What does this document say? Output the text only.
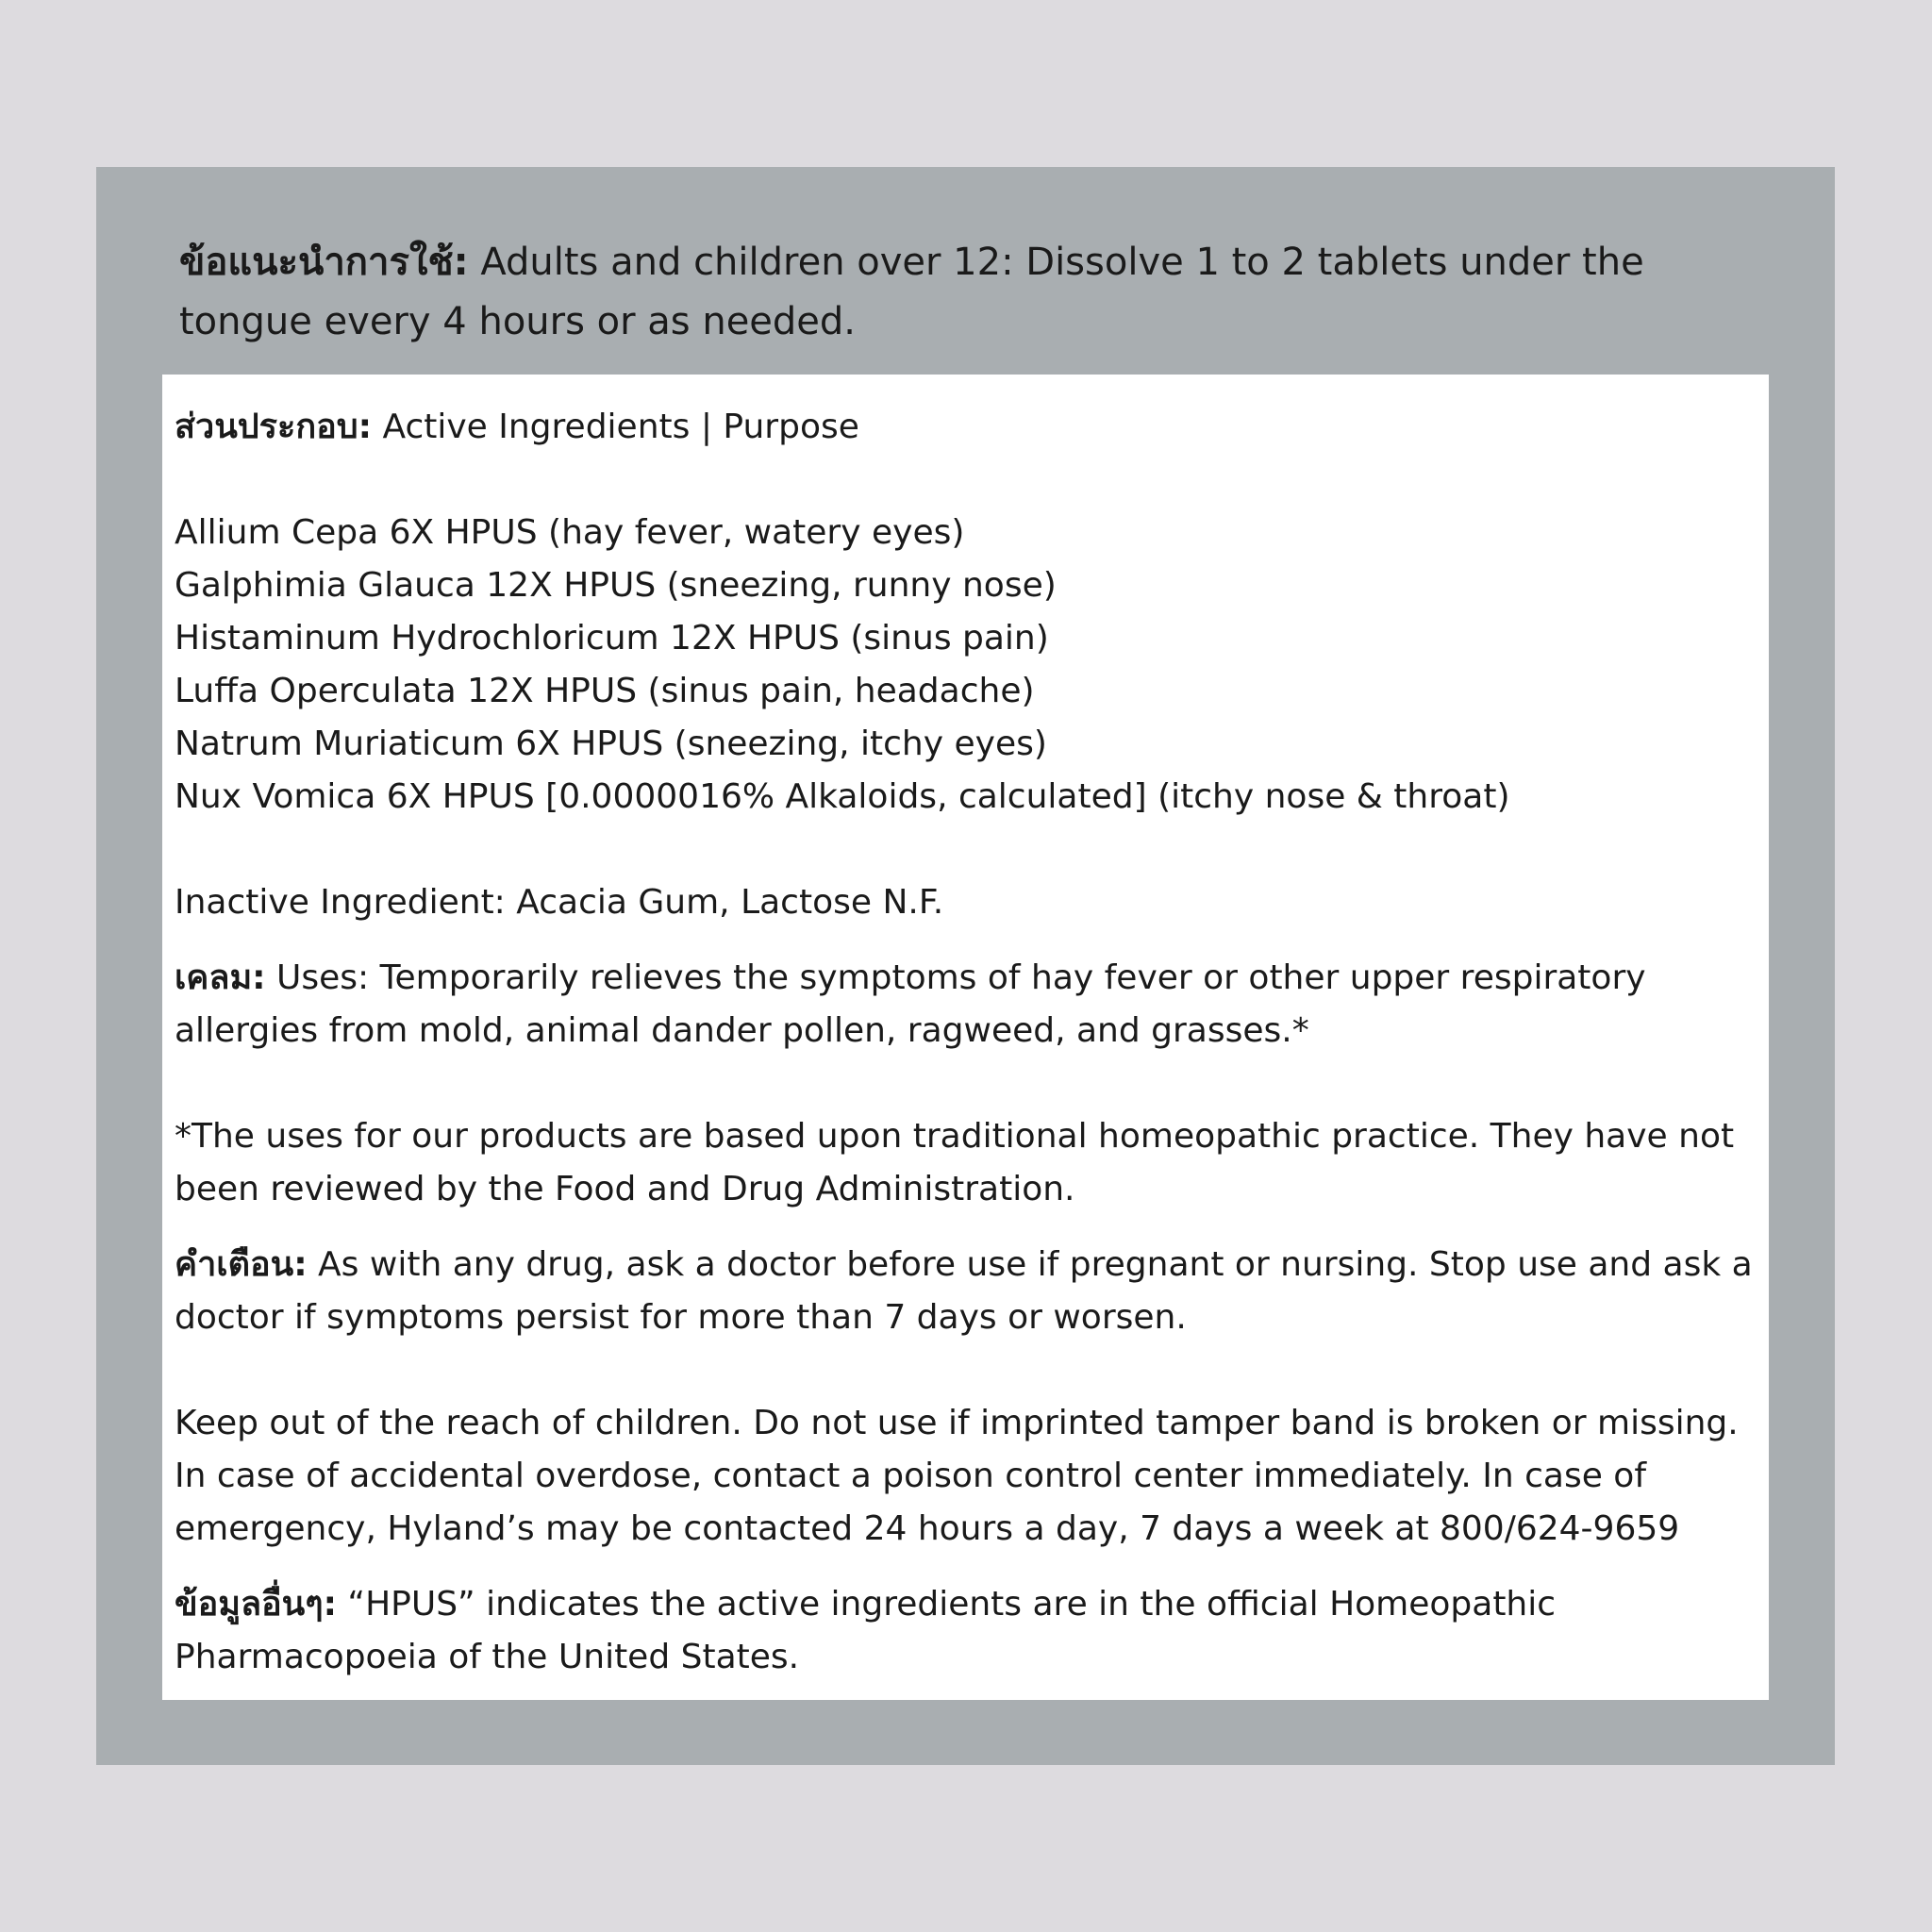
ข้อแนะนำการใช้: Adults and children over 12: Dissolve 1 to 2 tablets under the tongue every 4 hours or as needed.

ส่วนประกอบ: Active Ingredients | Purpose

Allium Cepa 6X HPUS (hay fever, watery eyes)
Galphimia Glauca 12X HPUS (sneezing, runny nose)
Histaminum Hydrochloricum 12X HPUS (sinus pain)
Luffa Operculata 12X HPUS (sinus pain, headache)
Natrum Muriaticum 6X HPUS (sneezing, itchy eyes)
Nux Vomica 6X HPUS [0.0000016% Alkaloids, calculated] (itchy nose & throat)

Inactive Ingredient: Acacia Gum, Lactose N.F.

เคลม: Uses: Temporarily relieves the symptoms of hay fever or other upper respiratory allergies from mold, animal dander pollen, ragweed, and grasses.*

*The uses for our products are based upon traditional homeopathic practice. They have not been reviewed by the Food and Drug Administration.

คำเตือน: As with any drug, ask a doctor before use if pregnant or nursing. Stop use and ask a doctor if symptoms persist for more than 7 days or worsen.

Keep out of the reach of children. Do not use if imprinted tamper band is broken or missing. In case of accidental overdose, contact a poison control center immediately. In case of emergency, Hyland’s may be contacted 24 hours a day, 7 days a week at 800/624-9659

ข้อมูลอื่นๆ: “HPUS” indicates the active ingredients are in the official Homeopathic Pharmacopoeia of the United States.
